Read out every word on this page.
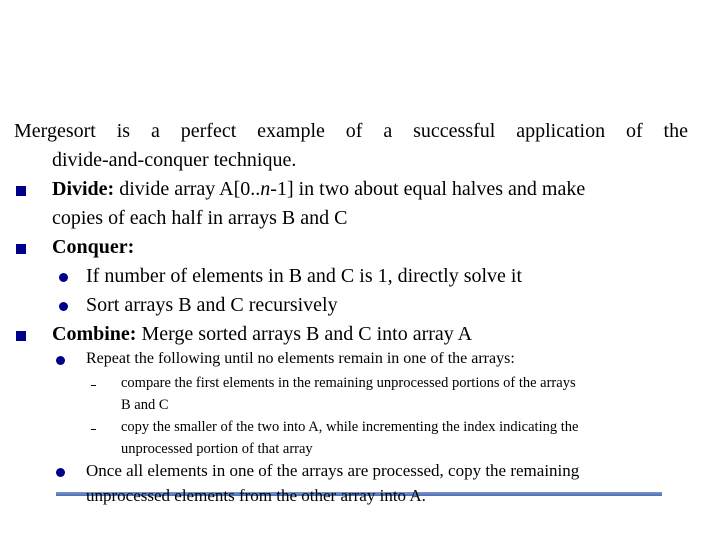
Mergesort is a perfect example of a successful application of the
divide-and-conquer technique.
Divide: divide array A[0..n-1] in two about equal halves and make
copies of each half in arrays B and C
Conquer:
If number of elements in B and C is 1, directly solve it
Sort arrays B and C recursively
Combine: Merge sorted arrays B and C into array A
Repeat the following until no elements remain in one of the arrays:
compare the first elements in the remaining unprocessed portions of the arrays
B and C
copy the smaller of the two into A, while incrementing the index indicating the
unprocessed portion of that array
Once all elements in one of the arrays are processed, copy the remaining
unprocessed elements from the other array into A.
